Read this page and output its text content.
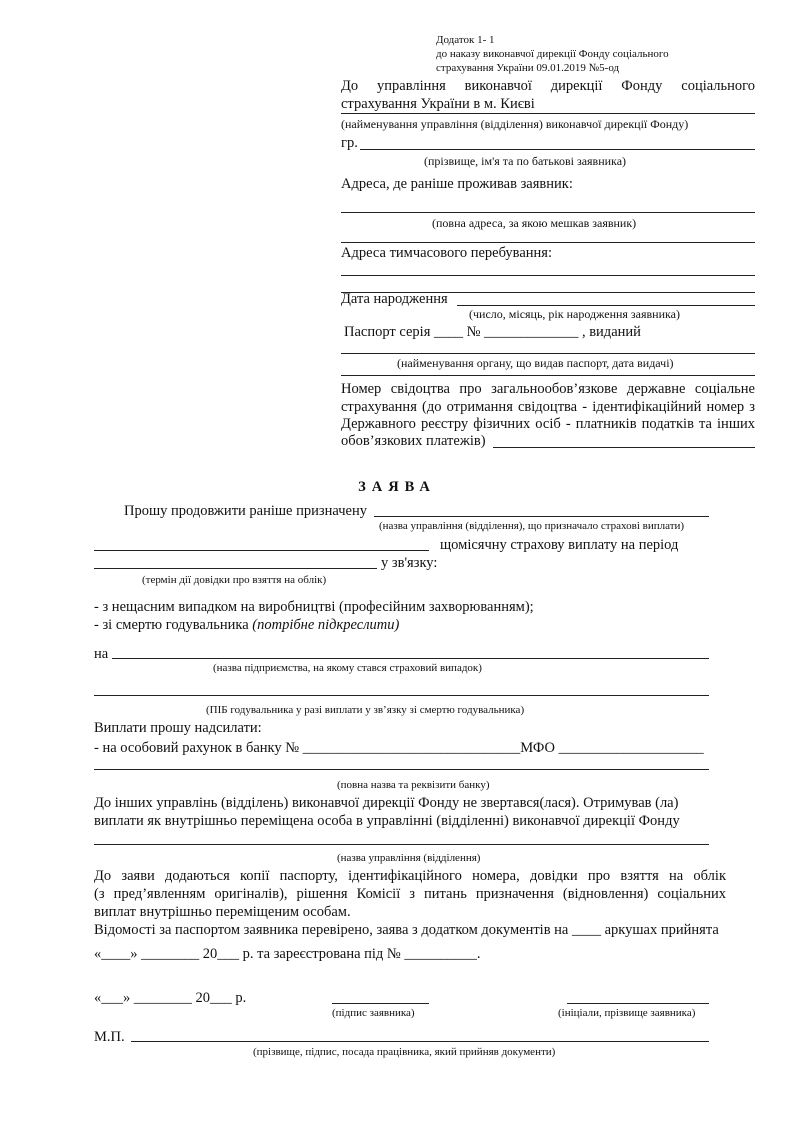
Додаток 1- 1
до наказу виконавчої дирекції Фонду соціального
страхування України 09.01.2019 №5-од
До управління виконавчої дирекції Фонду соціального
страхування України в м. Києві
(найменування управління (відділення) виконавчої дирекції Фонду)
гр.
(прізвище, ім'я та по батькові заявника)
Адреса, де раніше проживав заявник:
(повна адреса, за якою мешкав заявник)
Адреса тимчасового перебування:
Дата народження
(число, місяць, рік народження заявника)
Паспорт серія ____ № _____________ , виданий
(найменування органу, що видав паспорт, дата видачі)
Номер свідоцтва про загальнообов’язкове державне соціальне
страхування (до отримання свідоцтва - ідентифікаційний номер з
Державного реєстру фізичних осіб - платників податків та інших
обов’язкових платежів)
ЗАЯВА
Прошу продовжити раніше призначену
(назва управління (відділення), що призначало страхові виплати)
щомісячну страхову виплату на період
у зв'язку:
(термін дії довідки про взяття на облік)
- з нещасним випадком на виробництві (професійним захворюванням);
- зі смертю годувальника (потрібне підкреслити)
на
(назва підприємства, на якому стався страховий випадок)
(ПІБ годувальника у разі виплати у зв’язку зі смертю годувальника)
Виплати прошу надсилати:
- на особовий рахунок в банку № ______________________________МФО ____________________
(повна назва та реквізити банку)
До інших управлінь (відділень) виконавчої дирекції Фонду не звертався(лася). Отримував (ла)
виплати як внутрішньо переміщена особа в управлінні (відділенні) виконавчої дирекції Фонду
(назва управління (відділення)
До заяви додаються копії паспорту, ідентифікаційного номера, довідки про взяття на облік
(з пред’явленням оригіналів), рішення Комісії з питань призначення (відновлення) соціальних
виплат внутрішньо переміщеним особам.
Відомості за паспортом заявника перевірено, заява з додатком документів на ____ аркушах прийнята
«____» ________ 20___ р. та зареєстрована під № __________.
«___» ________ 20___ р.
(підпис заявника)	(ініціали, прізвище заявника)
М.П.
(прізвище, підпис, посада працівника, який прийняв документи)
